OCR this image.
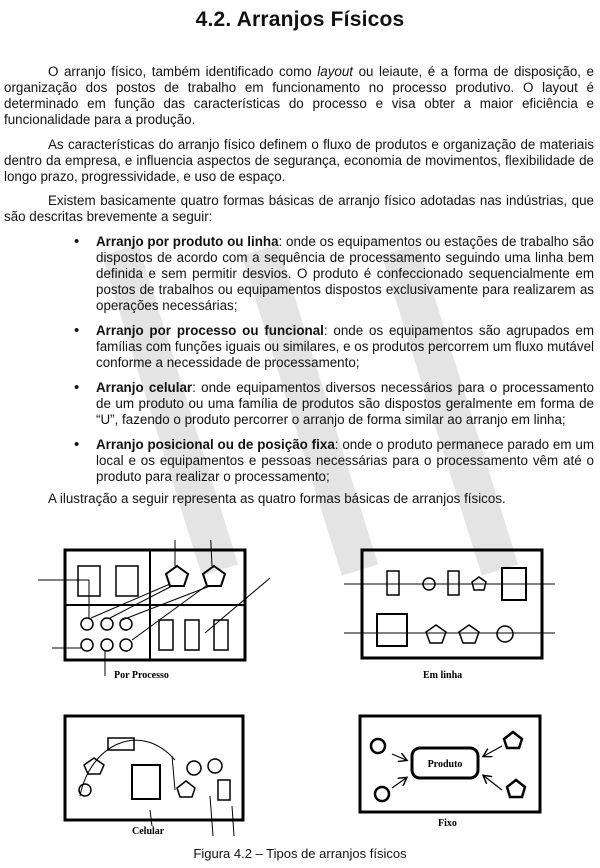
4.2. Arranjos Físicos

O arranjo físico, também identificado como layout ou leiaute, é a forma de disposição, e organização dos postos de trabalho em funcionamento no processo produtivo. O layout é determinado em função das características do processo e visa obter a maior eficiência e funcionalidade para a produção.

As características do arranjo físico definem o fluxo de produtos e organização de materiais dentro da empresa, e influencia aspectos de segurança, economia de movimentos, flexibilidade de longo prazo, progressividade, e uso de espaço.

Existem basicamente quatro formas básicas de arranjo físico adotadas nas indústrias, que são descritas brevemente a seguir:

• Arranjo por produto ou linha: onde os equipamentos ou estações de trabalho são dispostos de acordo com a sequência de processamento seguindo uma linha bem definida e sem permitir desvios. O produto é confeccionado sequencialmente em postos de trabalhos ou equipamentos dispostos exclusivamente para realizarem as operações necessárias;
• Arranjo por processo ou funcional: onde os equipamentos são agrupados em famílias com funções iguais ou similares, e os produtos percorrem um fluxo mutável conforme a necessidade de processamento;
• Arranjo celular: onde equipamentos diversos necessários para o processamento de um produto ou uma família de produtos são dispostos geralmente em forma de “U”, fazendo o produto percorrer o arranjo de forma similar ao arranjo em linha;
• Arranjo posicional ou de posição fixa: onde o produto permanece parado em um local e os equipamentos e pessoas necessárias para o processamento vêm até o produto para realizar o processamento;

A ilustração a seguir representa as quatro formas básicas de arranjos físicos.

Por Processo	Em linha
Celular
Produto
Fixo
Figura 4.2 – Tipos de arranjos físicos
